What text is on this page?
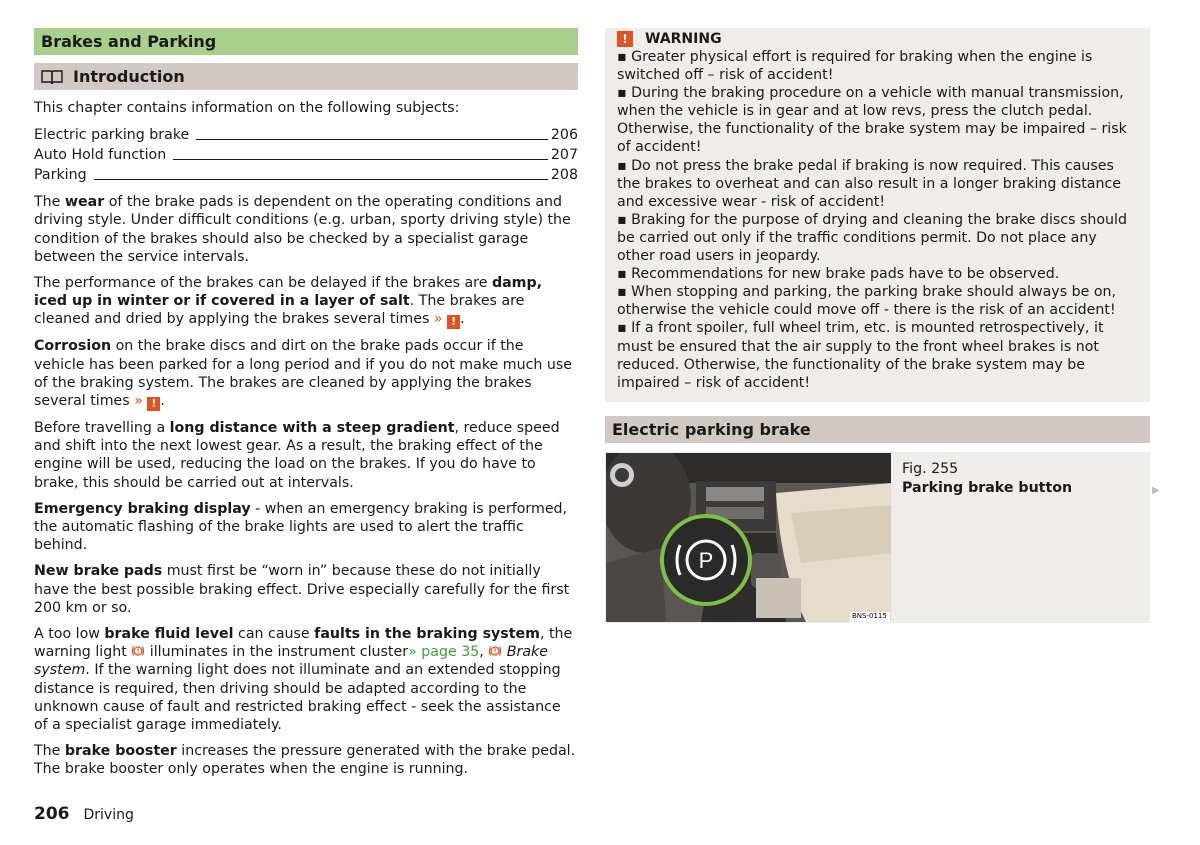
Brakes and Parking
Introduction

This chapter contains information on the following subjects:

Electric parking brake	206
Auto Hold function	207
Parking	208

The wear of the brake pads is dependent on the operating conditions and driving style. Under difficult conditions (e.g. urban, sporty driving style) the condition of the brakes should also be checked by a specialist garage between the service intervals.

The performance of the brakes can be delayed if the brakes are damp, iced up in winter or if covered in a layer of salt. The brakes are cleaned and dried by applying the brakes several times » ! .

Corrosion on the brake discs and dirt on the brake pads occur if the vehicle has been parked for a long period and if you do not make much use of the braking system. The brakes are cleaned by applying the brakes several times » ! .

Before travelling a long distance with a steep gradient, reduce speed and shift into the next lowest gear. As a result, the braking effect of the engine will be used, reducing the load on the brakes. If you do have to brake, this should be carried out at intervals.

Emergency braking display - when an emergency braking is performed, the automatic flashing of the brake lights are used to alert the traffic behind.

New brake pads must first be “worn in” because these do not initially have the best possible braking effect. Drive especially carefully for the first 200 km or so.

A too low brake fluid level can cause faults in the braking system, the warning light  illuminates in the instrument cluster» page 35,  Brake system. If the warning light does not illuminate and an extended stopping distance is required, then driving should be adapted according to the unknown cause of fault and restricted braking effect - seek the assistance of a specialist garage immediately.

The brake booster increases the pressure generated with the brake pedal. The brake booster only operates when the engine is running.

!	WARNING

▪ Greater physical effort is required for braking when the engine is switched off – risk of accident!

▪ During the braking procedure on a vehicle with manual transmission, when the vehicle is in gear and at low revs, press the clutch pedal. Otherwise, the functionality of the brake system may be impaired – risk of accident!

▪ Do not press the brake pedal if braking is now required. This causes the brakes to overheat and can also result in a longer braking distance and excessive wear - risk of accident!

▪ Braking for the purpose of drying and cleaning the brake discs should be carried out only if the traffic conditions permit. Do not place any other road users in jeopardy.

▪ Recommendations for new brake pads have to be observed.

▪ When stopping and parking, the parking brake should always be on, otherwise the vehicle could move off - there is the risk of an accident!

▪ If a front spoiler, full wheel trim, etc. is mounted retrospectively, it must be ensured that the air supply to the front wheel brakes is not reduced. Otherwise, the functionality of the brake system may be impaired – risk of accident!

Electric parking brake
P
BNS-0115
Fig. 255
Parking brake button	▶
206 Driving
